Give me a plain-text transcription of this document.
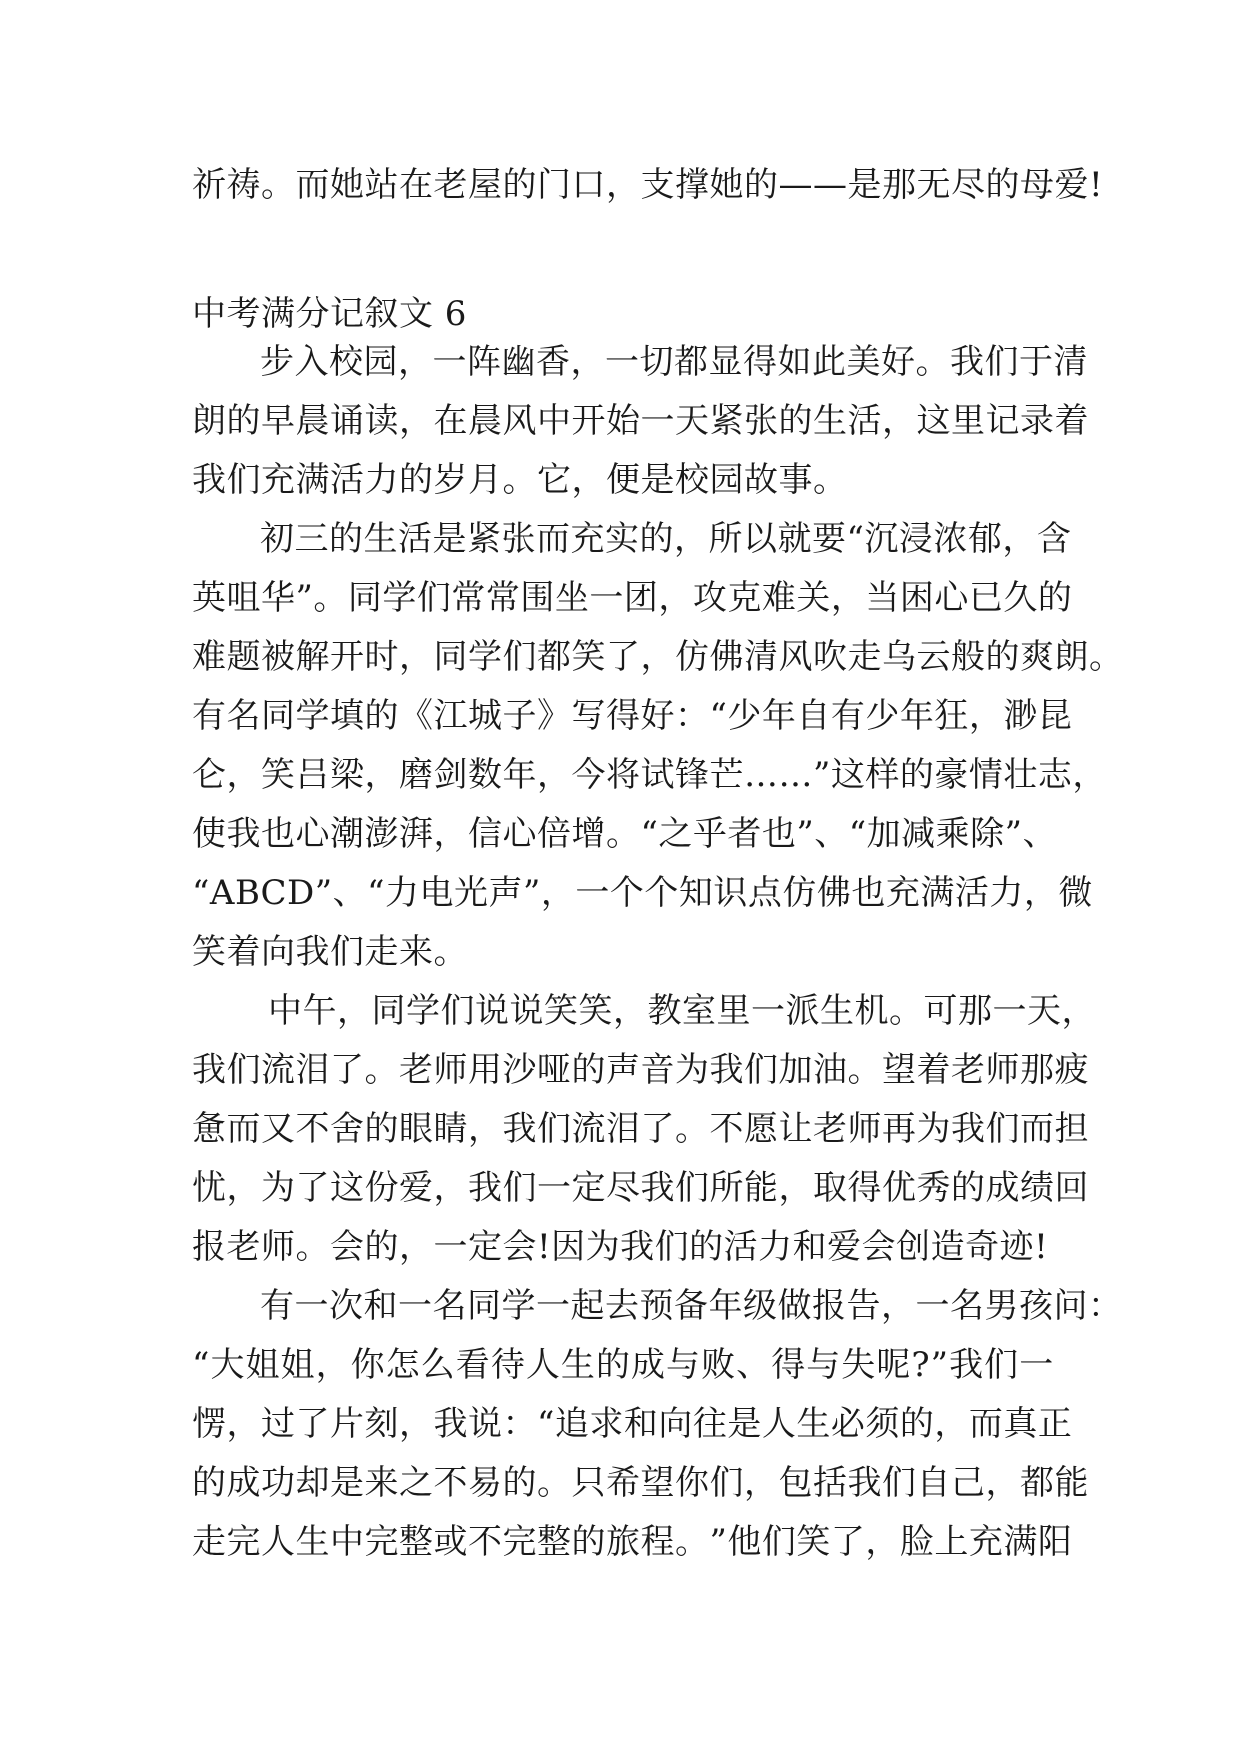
祈祷。而她站在老屋的门口，支撑她的——是那无尽的母爱!
中考满分记叙文 6
步 入 校 园 ， 一 阵 幽 香 ， 一 切 都 显 得 如 此 美 好 。 我 们 于 清
朗 的 早 晨 诵 读 ， 在 晨 风 中 开 始 一 天 紧 张 的 生 活 ， 这 里 记 录 着
我们充满活力的岁月。它，便是校园故事。
初 三 的 生 活 是 紧 张 而 充 实 的 ， 所 以 就 要 “ 沉 浸 浓 郁 ， 含
英 咀 华 ” 。 同 学 们 常 常 围 坐 一 团 ， 攻 克 难 关 ， 当 困 心 已 久 的
难 题 被 解 开 时 ， 同 学 们 都 笑 了 ， 仿 佛 清 风 吹 走 乌 云 般 的 爽 朗 。
有 名 同 学 填 的 《 江 城 子 》 写 得 好 ： “ 少 年 自 有 少 年 狂 ， 渺 昆
仑 ， 笑 吕 梁 ， 磨 剑 数 年 ， 今 将 试 锋 芒 … … ” 这 样 的 豪 情 壮 志 ，
使 我 也 心 潮 澎 湃 ， 信 心 倍 增 。 “ 之 乎 者 也 ” 、 “ 加 减 乘 除 ” 、
“ A B C D ” 、 “ 力 电 光 声 ” ， 一 个 个 知 识 点 仿 佛 也 充 满 活 力 ， 微
笑着向我们走来。
中 午 ， 同 学 们 说 说 笑 笑 ， 教 室 里 一 派 生 机 。 可 那 一 天 ，
我 们 流 泪 了 。 老 师 用 沙 哑 的 声 音 为 我 们 加 油 。 望 着 老 师 那 疲
惫 而 又 不 舍 的 眼 睛 ， 我 们 流 泪 了 。 不 愿 让 老 师 再 为 我 们 而 担
忧 ， 为 了 这 份 爱 ， 我 们 一 定 尽 我 们 所 能 ， 取 得 优 秀 的 成 绩 回
报老师。会的，一定会!因为我们的活力和爱会创造奇迹!
有 一 次 和 一 名 同 学 一 起 去 预 备 年 级 做 报 告 ， 一 名 男 孩 问 ：
“ 大 姐 姐 ， 你 怎 么 看 待 人 生 的 成 与 败 、 得 与 失 呢 ? ” 我 们 一
愣 ， 过 了 片 刻 ， 我 说 ： “ 追 求 和 向 往 是 人 生 必 须 的 ， 而 真 正
的 成 功 却 是 来 之 不 易 的 。 只 希 望 你 们 ， 包 括 我 们 自 己 ， 都 能
走 完 人 生 中 完 整 或 不 完 整 的 旅 程 。 ” 他 们 笑 了 ， 脸 上 充 满 阳
